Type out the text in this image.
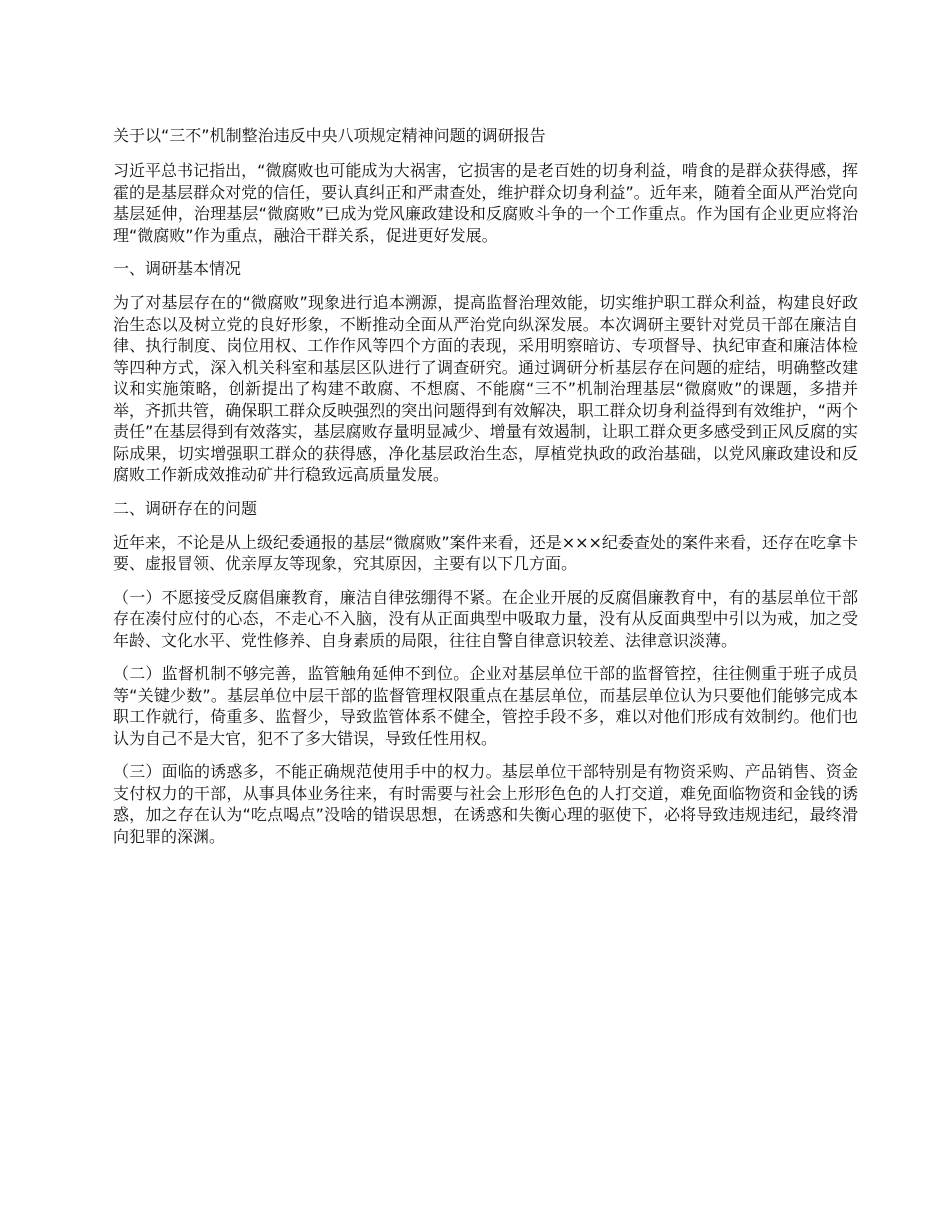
关于以“三不”机制整治违反中央八项规定精神问题的调研报告

习近平总书记指出，“微腐败也可能成为大祸害，它损害的是老百姓的切身利益，啃食的是群众获得感，挥霍的是基层群众对党的信任，要认真纠正和严肃查处，维护群众切身利益”。近年来，随着全面从严治党向基层延伸，治理基层“微腐败”已成为党风廉政建设和反腐败斗争的一个工作重点。作为国有企业更应将治理“微腐败”作为重点，融洽干群关系，促进更好发展。

一、调研基本情况

为了对基层存在的“微腐败”现象进行追本溯源，提高监督治理效能，切实维护职工群众利益，构建良好政治生态以及树立党的良好形象，不断推动全面从严治党向纵深发展。本次调研主要针对党员干部在廉洁自律、执行制度、岗位用权、工作作风等四个方面的表现，采用明察暗访、专项督导、执纪审查和廉洁体检等四种方式，深入机关科室和基层区队进行了调查研究。通过调研分析基层存在问题的症结，明确整改建议和实施策略，创新提出了构建不敢腐、不想腐、不能腐“三不”机制治理基层“微腐败”的课题，多措并举，齐抓共管，确保职工群众反映强烈的突出问题得到有效解决，职工群众切身利益得到有效维护，“两个责任”在基层得到有效落实，基层腐败存量明显减少、增量有效遏制，让职工群众更多感受到正风反腐的实际成果，切实增强职工群众的获得感，净化基层政治生态，厚植党执政的政治基础，以党风廉政建设和反腐败工作新成效推动矿井行稳致远高质量发展。

二、调研存在的问题

近年来，不论是从上级纪委通报的基层“微腐败”案件来看，还是×××纪委查处的案件来看，还存在吃拿卡要、虚报冒领、优亲厚友等现象，究其原因，主要有以下几方面。

（一）不愿接受反腐倡廉教育，廉洁自律弦绷得不紧。在企业开展的反腐倡廉教育中，有的基层单位干部存在凑付应付的心态，不走心不入脑，没有从正面典型中吸取力量，没有从反面典型中引以为戒，加之受年龄、文化水平、党性修养、自身素质的局限，往往自警自律意识较差、法律意识淡薄。

（二）监督机制不够完善，监管触角延伸不到位。企业对基层单位干部的监督管控，往往侧重于班子成员等“关键少数”。基层单位中层干部的监督管理权限重点在基层单位，而基层单位认为只要他们能够完成本职工作就行，倚重多、监督少，导致监管体系不健全，管控手段不多，难以对他们形成有效制约。他们也认为自己不是大官，犯不了多大错误，导致任性用权。

（三）面临的诱惑多，不能正确规范使用手中的权力。基层单位干部特别是有物资采购、产品销售、资金支付权力的干部，从事具体业务往来，有时需要与社会上形形色色的人打交道，难免面临物资和金钱的诱惑，加之存在认为“吃点喝点”没啥的错误思想，在诱惑和失衡心理的驱使下，必将导致违规违纪，最终滑向犯罪的深渊。
